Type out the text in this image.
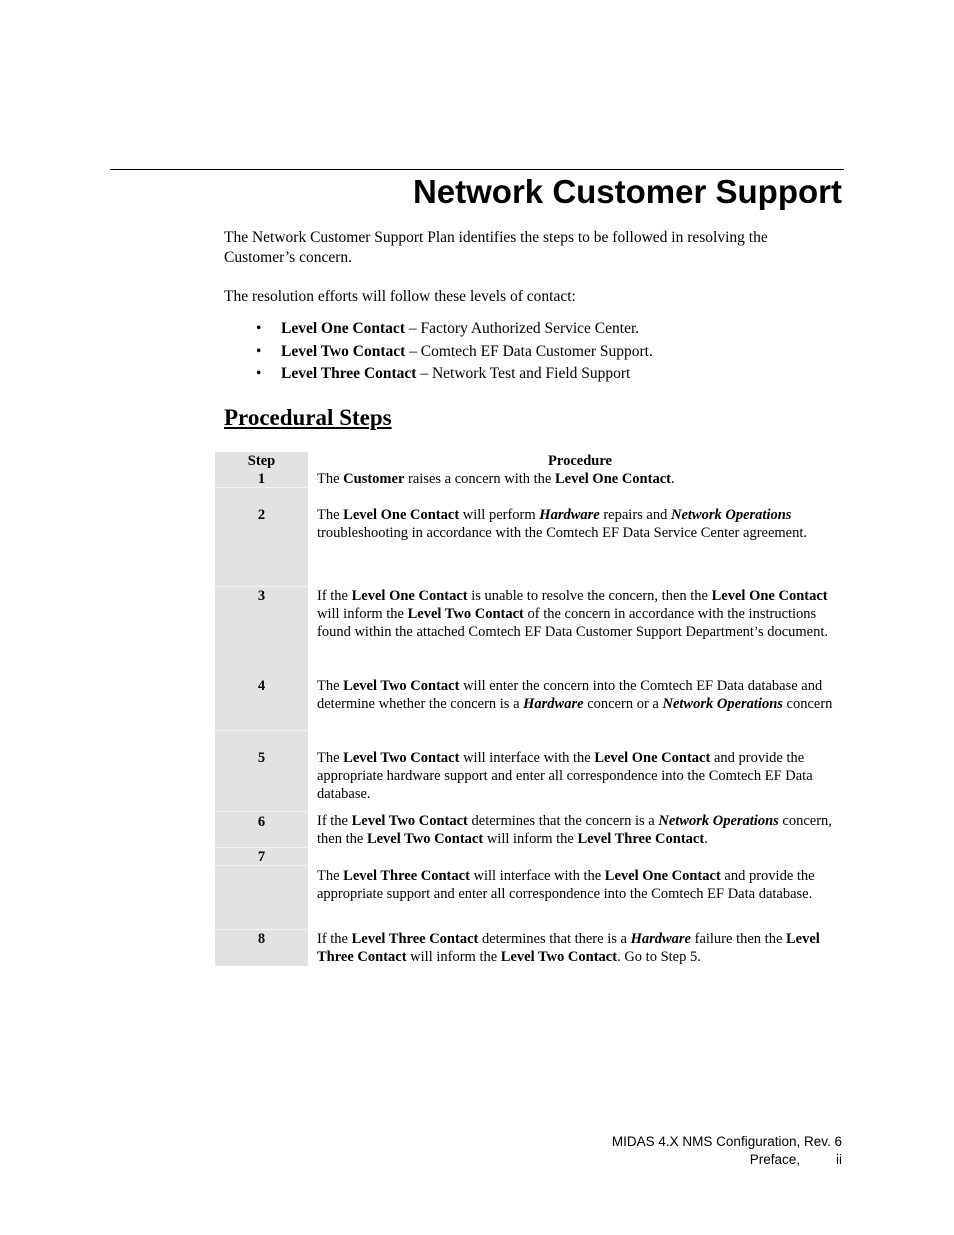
Network Customer Support

The Network Customer Support Plan identifies the steps to be followed in resolving the Customer’s concern.

The resolution efforts will follow these levels of contact:

• Level One Contact – Factory Authorized Service Center.
• Level Two Contact – Comtech EF Data Customer Support.
• Level Three Contact – Network Test and Field Support
Procedural Steps
Step	Procedure
1
2
3
4
5
6
7
8
The Customer raises a concern with the Level One Contact.
The Level One Contact will perform Hardware repairs and Network Operations troubleshooting in accordance with the Comtech EF Data Service Center agreement.
If the Level One Contact is unable to resolve the concern, then the Level One Contact will inform the Level Two Contact of the concern in accordance with the instructions found within the attached Comtech EF Data Customer Support Department’s document.
The Level Two Contact will enter the concern into the Comtech EF Data database and determine whether the concern is a Hardware concern or a Network Operations concern
The Level Two Contact will interface with the Level One Contact and provide the appropriate hardware support and enter all correspondence into the Comtech EF Data database.
If the Level Two Contact determines that the concern is a Network Operations concern, then the Level Two Contact will inform the Level Three Contact.
The Level Three Contact will interface with the Level One Contact and provide the appropriate support and enter all correspondence into the Comtech EF Data database.
If the Level Three Contact determines that there is a Hardware failure then the Level Three Contact will inform the Level Two Contact. Go to Step 5.
MIDAS 4.X NMS Configuration, Rev. 6
Preface,	ii
